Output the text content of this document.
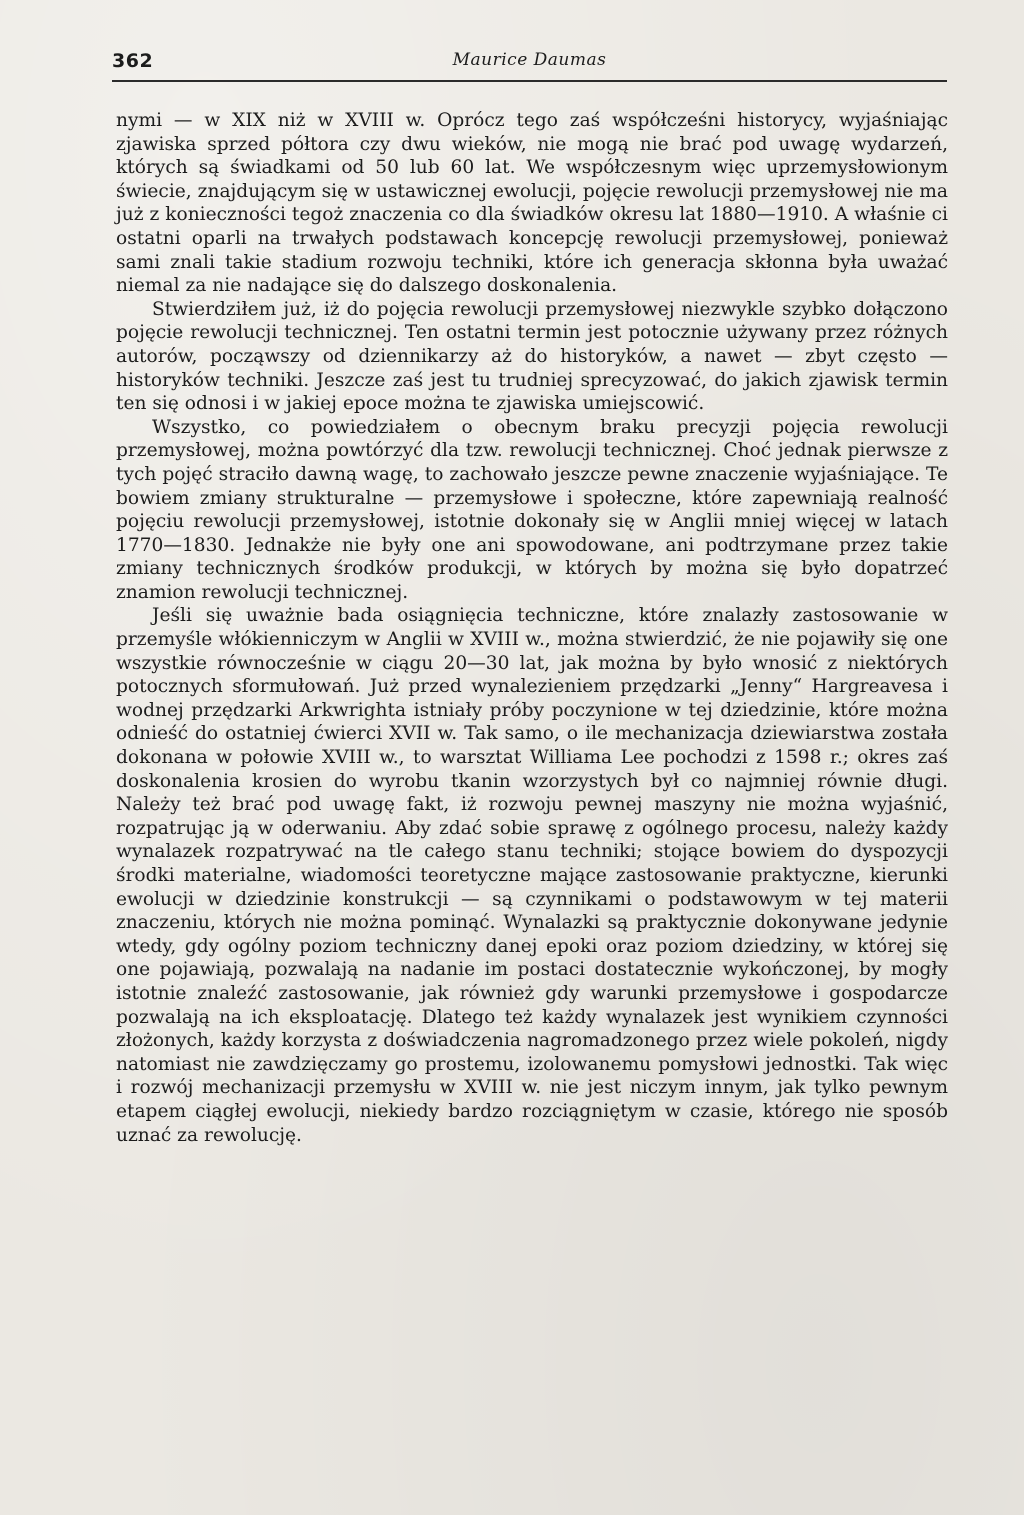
362	Maurice Daumas

nymi — w XIX niż w XVIII w. Oprócz tego zaś współcześni historycy, wyjaśniając zjawiska sprzed półtora czy dwu wieków, nie mogą nie brać pod uwagę wydarzeń, których są świadkami od 50 lub 60 lat. We współczesnym więc uprzemysłowionym świecie, znajdującym się w ustawicznej ewolucji, pojęcie rewolucji przemysłowej nie ma już z konieczności tegoż znaczenia co dla świadków okresu lat 1880—1910. A właśnie ci ostatni oparli na trwałych podstawach koncepcję rewolucji przemysłowej, ponieważ sami znali takie stadium rozwoju techniki, które ich generacja skłonna była uważać niemal za nie nadające się do dalszego doskonalenia.

Stwierdziłem już, iż do pojęcia rewolucji przemysłowej niezwykle szybko dołączono pojęcie rewolucji technicznej. Ten ostatni termin jest potocznie używany przez różnych autorów, począwszy od dziennikarzy aż do historyków, a nawet — zbyt często — historyków techniki. Jeszcze zaś jest tu trudniej sprecyzować, do jakich zjawisk termin ten się odnosi i w jakiej epoce można te zjawiska umiejscowić.

Wszystko, co powiedziałem o obecnym braku precyzji pojęcia rewolucji przemysłowej, można powtórzyć dla tzw. rewolucji technicznej. Choć jednak pierwsze z tych pojęć straciło dawną wagę, to zachowało jeszcze pewne znaczenie wyjaśniające. Te bowiem zmiany strukturalne — przemysłowe i społeczne, które zapewniają realność pojęciu rewolucji przemysłowej, istotnie dokonały się w Anglii mniej więcej w latach 1770—1830. Jednakże nie były one ani spowodowane, ani podtrzymane przez takie zmiany technicznych środków produkcji, w których by można się było dopatrzeć znamion rewolucji technicznej.

Jeśli się uważnie bada osiągnięcia techniczne, które znalazły zastosowanie w przemyśle włókienniczym w Anglii w XVIII w., można stwierdzić, że nie pojawiły się one wszystkie równocześnie w ciągu 20—30 lat, jak można by było wnosić z niektórych potocznych sformułowań. Już przed wynalezieniem przędzarki „Jenny“ Hargreavesa i wodnej przędzarki Arkwrighta istniały próby poczynione w tej dziedzinie, które można odnieść do ostatniej ćwierci XVII w. Tak samo, o ile mechanizacja dziewiarstwa została dokonana w połowie XVIII w., to warsztat Williama Lee pochodzi z 1598 r.; okres zaś doskonalenia krosien do wyrobu tkanin wzorzystych był co najmniej równie długi. Należy też brać pod uwagę fakt, iż rozwoju pewnej maszyny nie można wyjaśnić, rozpatrując ją w oderwaniu. Aby zdać sobie sprawę z ogólnego procesu, należy każdy wynalazek rozpatrywać na tle całego stanu techniki; stojące bowiem do dyspozycji środki materialne, wiadomości teoretyczne mające zastosowanie praktyczne, kierunki ewolucji w dziedzinie konstrukcji — są czynnikami o podstawowym w tej materii znaczeniu, których nie można pominąć. Wynalazki są praktycznie dokonywane jedynie wtedy, gdy ogólny poziom techniczny danej epoki oraz poziom dziedziny, w której się one pojawiają, pozwalają na nadanie im postaci dostatecznie wykończonej, by mogły istotnie znaleźć zastosowanie, jak również gdy warunki przemysłowe i gospodarcze pozwalają na ich eksploatację. Dlatego też każdy wynalazek jest wynikiem czynności złożonych, każdy korzysta z doświadczenia nagromadzonego przez wiele pokoleń, nigdy natomiast nie zawdzięczamy go prostemu, izolowanemu pomysłowi jednostki. Tak więc i rozwój mechanizacji przemysłu w XVIII w. nie jest niczym innym, jak tylko pewnym etapem ciągłej ewolucji, niekiedy bardzo rozciągniętym w czasie, którego nie sposób uznać za rewolucję.
